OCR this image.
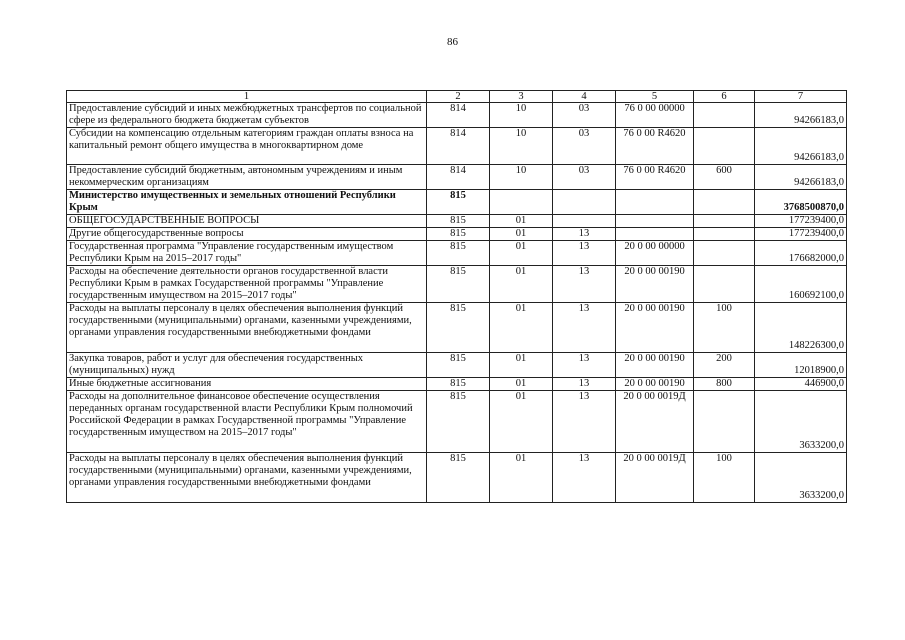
86
1	2	3	4	5	6	7
Предоставление субсидий и иных межбюджетных трансфертов по социальной сфере из федерального бюджета бюджетам субъектов	814	10	03	76 0 00 00000		94266183,0
Субсидии на компенсацию отдельным категориям граждан оплаты взноса на капитальный ремонт общего имущества в многоквартирном доме	814	10	03	76 0 00 R4620		94266183,0
Предоставление субсидий бюджетным, автономным учреждениям и иным некоммерческим организациям	814	10	03	76 0 00 R4620	600	94266183,0
Министерство имущественных и земельных отношений Республики Крым	815					3768500870,0
ОБЩЕГОСУДАРСТВЕННЫЕ ВОПРОСЫ	815	01				177239400,0
Другие общегосударственные вопросы	815	01	13			177239400,0
Государственная программа "Управление государственным имуществом Республики Крым на 2015–2017 годы"	815	01	13	20 0 00 00000		176682000,0
Расходы на обеспечение деятельности органов государственной власти Республики Крым в рамках Государственной программы "Управление государственным имуществом на 2015–2017 годы"	815	01	13	20 0 00 00190		160692100,0
Расходы на выплаты персоналу в целях обеспечения выполнения функций государственными (муниципальными) органами, казенными учреждениями, органами управления государственными внебюджетными фондами	815	01	13	20 0 00 00190	100	148226300,0
Закупка товаров, работ и услуг для обеспечения государственных (муниципальных) нужд	815	01	13	20 0 00 00190	200	12018900,0
Иные бюджетные ассигнования	815	01	13	20 0 00 00190	800	446900,0
Расходы на дополнительное финансовое обеспечение осуществления переданных органам государственной власти Республики Крым полномочий Российской Федерации в рамках Государственной программы "Управление государственным имуществом на 2015–2017 годы"	815	01	13	20 0 00 0019Д		3633200,0
Расходы на выплаты персоналу в целях обеспечения выполнения функций государственными (муниципальными) органами, казенными учреждениями, органами управления государственными внебюджетными фондами	815	01	13	20 0 00 0019Д	100	3633200,0
